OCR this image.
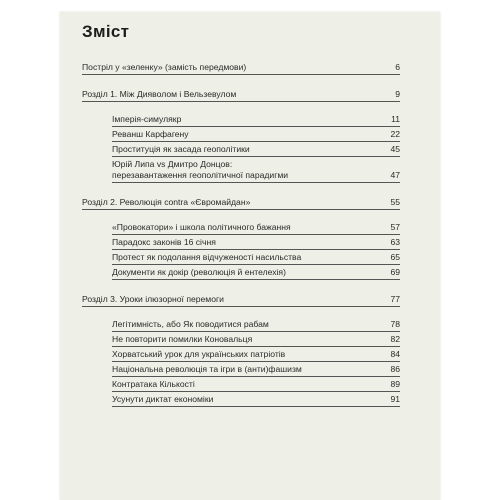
Зміст
Постріл у «зеленку» (замість передмови)	6
Розділ 1. Між Дияволом і Вельзевулом	9
Імперія-симулякр	11
Реванш Карфагену	22
Проституція як засада геополітики	45
Юрій Липа vs Дмитро Донцов:
перезавантаження геополітичної парадигми	47
Розділ 2. Революція contra «Євромайдан»	55
«Провокатори» і школа політичного бажання	57
Парадокс законів 16 січня	63
Протест як подолання відчуженості насильства	65
Документи як докір (революція й ентелехія)	69
Розділ 3. Уроки ілюзорної перемоги	77
Легітимність, або Як поводитися рабам	78
Не повторити помилки Коновальця	82
Хорватський урок для українських патріотів	84
Національна революція та ігри в (анти)фашизм	86
Контратака Кількості	89
Усунути диктат економіки	91
